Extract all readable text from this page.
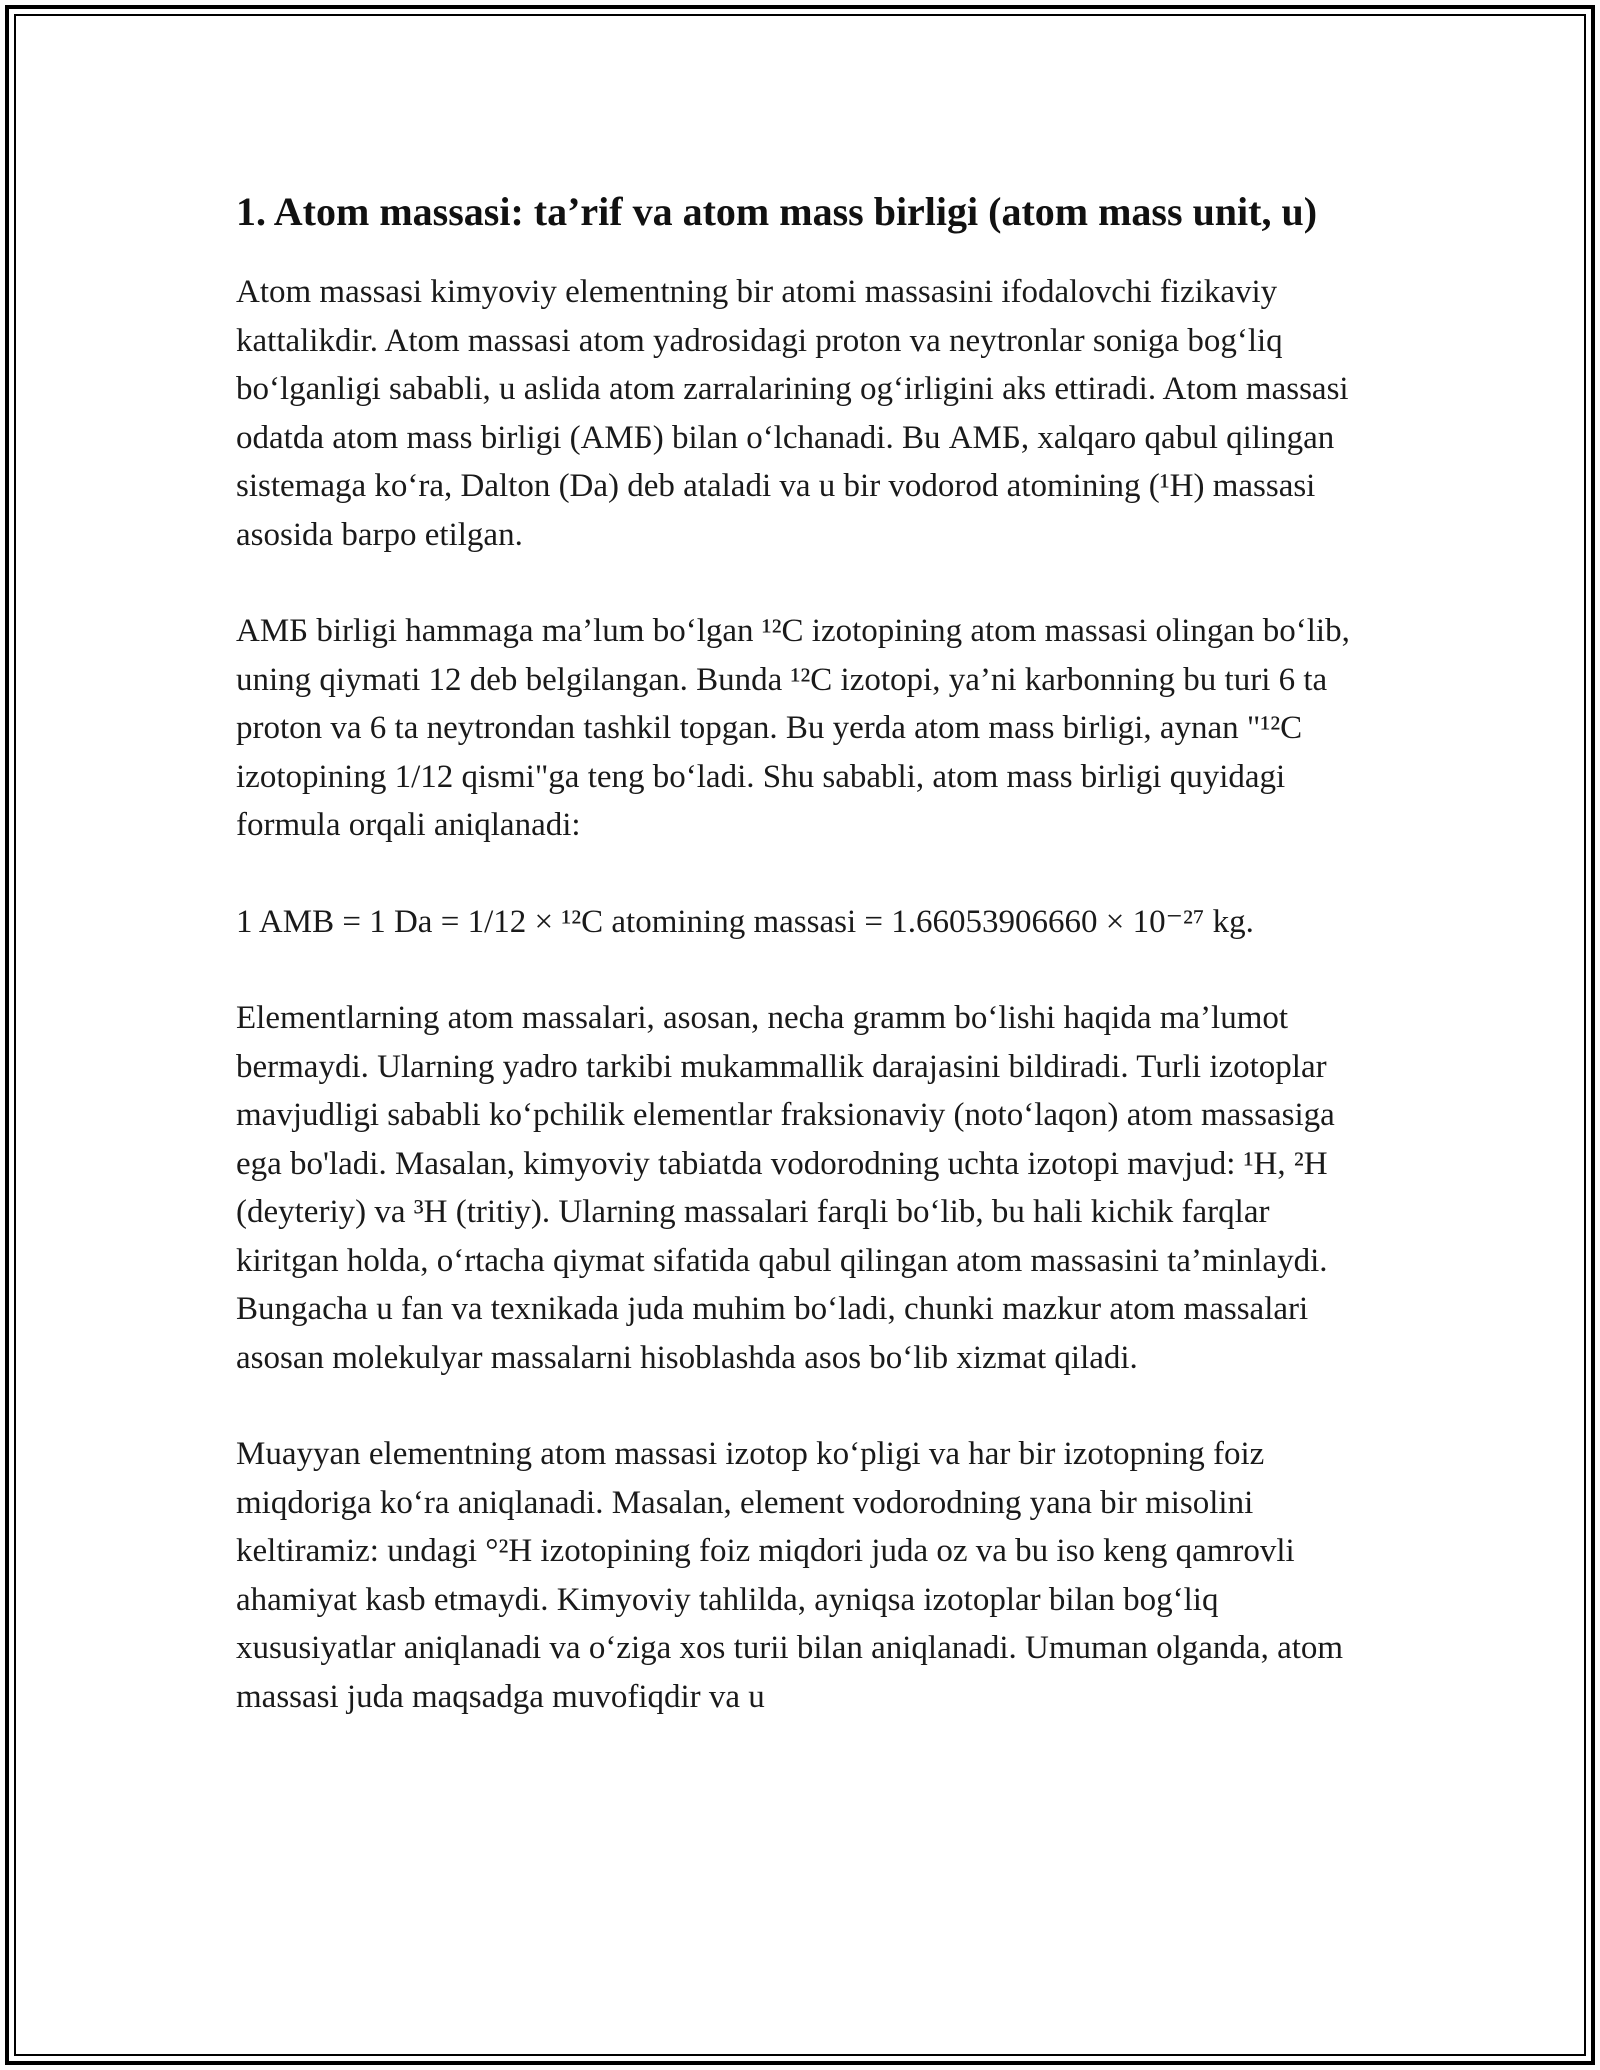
1. Atom massasi: ta’rif va atom mass birligi (atom mass unit, u)

Atom massasi kimyoviy elementning bir atomi massasini ifodalovchi fizikaviy kattalikdir. Atom massasi atom yadrosidagi proton va neytronlar soniga bog‘liq bo‘lganligi sababli, u aslida atom zarralarining og‘irligini aks ettiradi. Atom massasi odatda atom mass birligi (АМБ) bilan o‘lchanadi. Bu АМБ, xalqaro qabul qilingan sistemaga ko‘ra, Dalton (Da) deb ataladi va u bir vodorod atomining (¹H) massasi asosida barpo etilgan.

АМБ birligi hammaga ma’lum bo‘lgan ¹²C izotopining atom massasi olingan bo‘lib, uning qiymati 12 deb belgilangan. Bunda ¹²C izotopi, ya’ni karbonning bu turi 6 ta proton va 6 ta neytrondan tashkil topgan. Bu yerda atom mass birligi, aynan "¹²C izotopining 1/12 qismi"ga teng bo‘ladi. Shu sababli, atom mass birligi quyidagi formula orqali aniqlanadi:

1 AMB = 1 Da = 1/12 × ¹²C atomining massasi = 1.66053906660 × 10⁻²⁷ kg.

Elementlarning atom massalari, asosan, necha gramm bo‘lishi haqida ma’lumot bermaydi. Ularning yadro tarkibi mukammallik darajasini bildiradi. Turli izotoplar mavjudligi sababli ko‘pchilik elementlar fraksionaviy (noto‘laqon) atom massasiga ega bo'ladi. Masalan, kimyoviy tabiatda vodorodning uchta izotopi mavjud: ¹H, ²H (deyteriy) va ³H (tritiy). Ularning massalari farqli bo‘lib, bu hali kichik farqlar kiritgan holda, o‘rtacha qiymat sifatida qabul qilingan atom massasini ta’minlaydi. Bungacha u fan va texnikada juda muhim bo‘ladi, chunki mazkur atom massalari asosan molekulyar massalarni hisoblashda asos bo‘lib xizmat qiladi.

Muayyan elementning atom massasi izotop ko‘pligi va har bir izotopning foiz miqdoriga ko‘ra aniqlanadi. Masalan, element vodorodning yana bir misolini keltiramiz: undagi °²H izotopining foiz miqdori juda oz va bu iso keng qamrovli ahamiyat kasb etmaydi. Kimyoviy tahlilda, ayniqsa izotoplar bilan bog‘liq xususiyatlar aniqlanadi va o‘ziga xos turii bilan aniqlanadi. Umuman olganda, atom massasi juda maqsadga muvofiqdir va u
